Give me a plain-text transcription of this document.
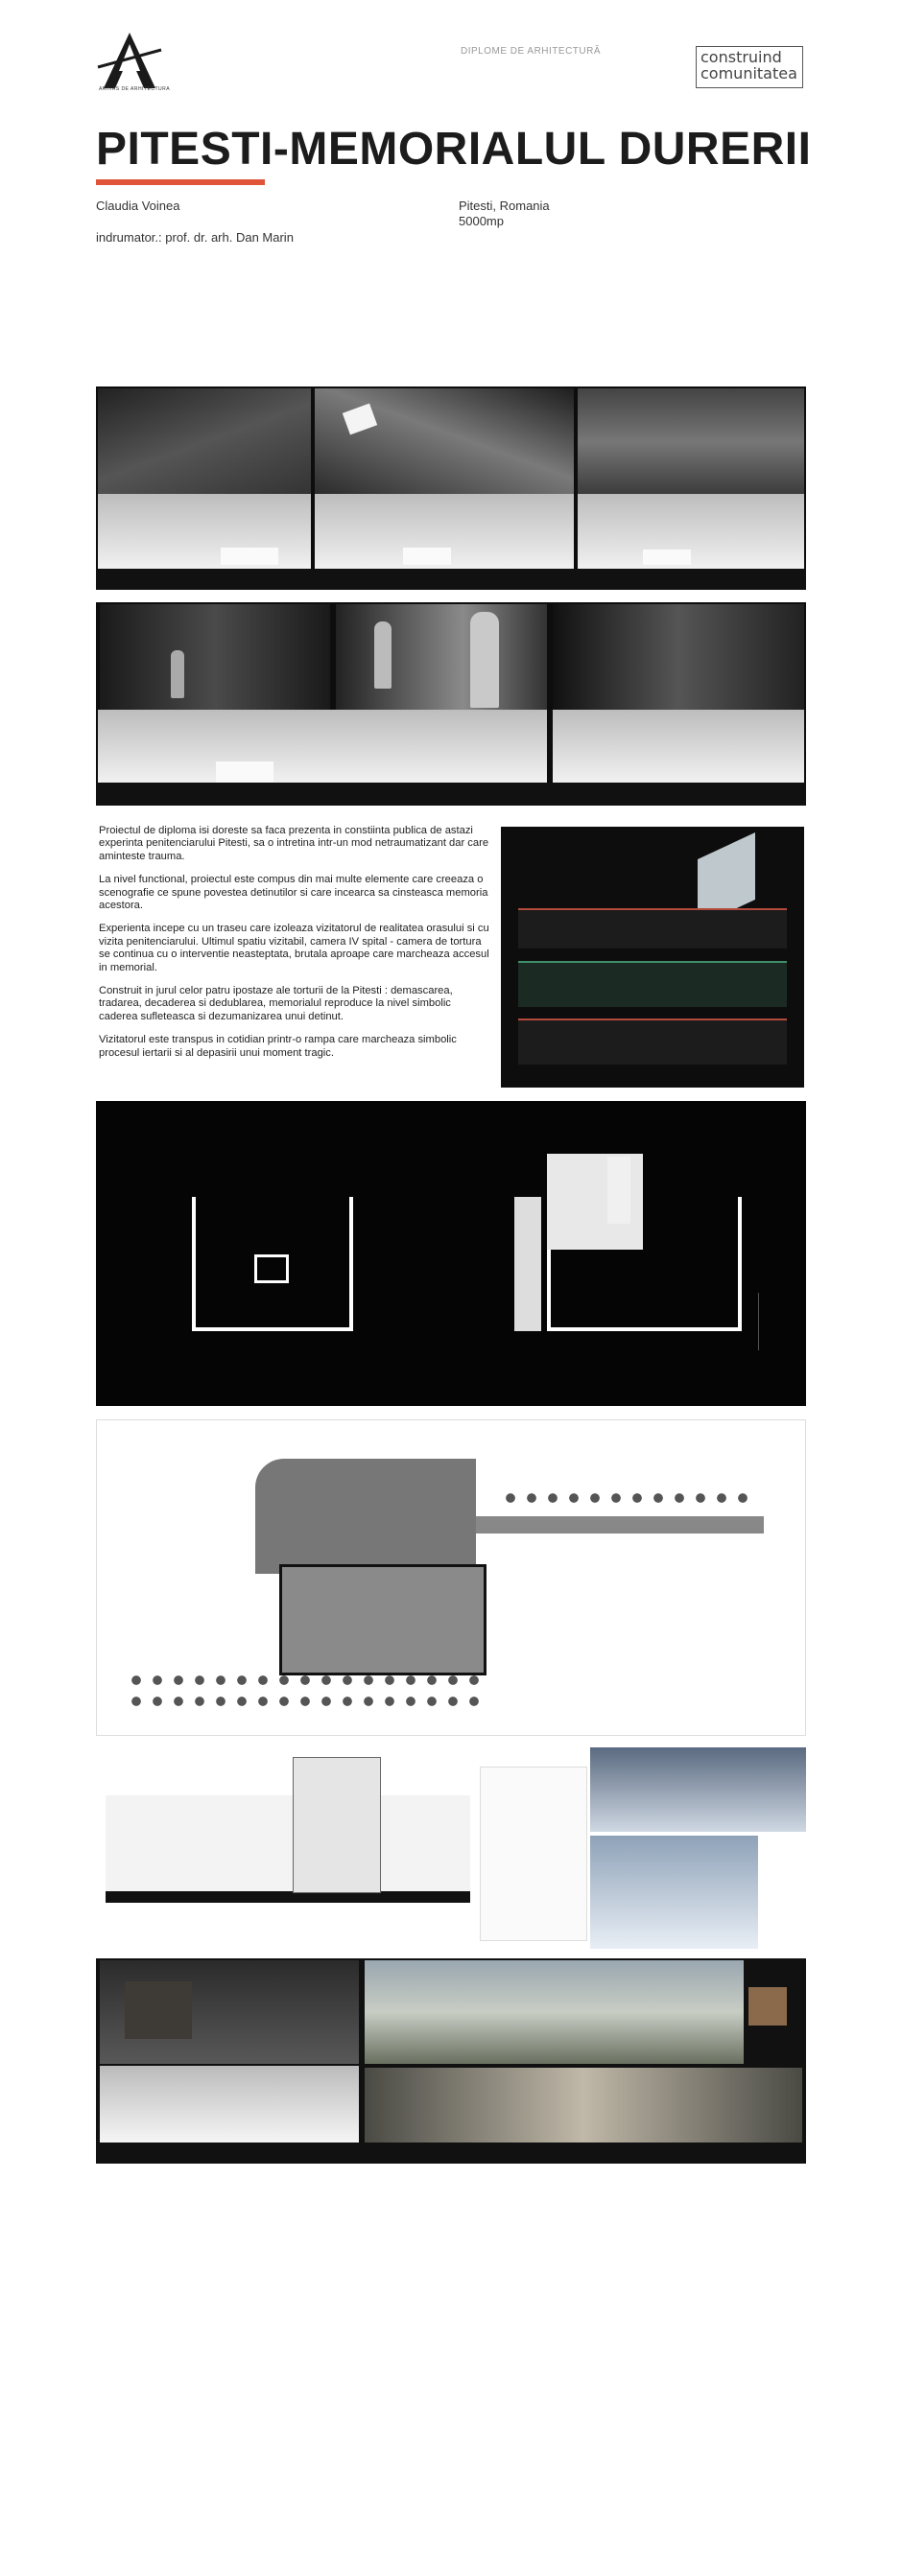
ARHIAS DE ARHITECTURA
DIPLOME DE ARHITECTURĂ	construind
comunitatea
PITESTI-MEMORIALUL DURERII
Claudia Voinea
indrumator.: prof. dr. arh. Dan Marin
Pitesti, Romania
5000mp

Proiectul de diploma isi doreste sa faca prezenta in constiinta publica de astazi experinta penitenciarului Pitesti, sa o intretina intr-un mod netraumatizant dar care aminteste trauma.

La nivel functional, proiectul este compus din mai multe elemente care creeaza o scenografie ce spune povestea detinutilor si care incearca sa cinsteasca memoria acestora.

Experienta incepe cu un traseu care izoleaza vizitatorul de realitatea orasului si cu vizita penitenciarului. Ultimul spatiu vizitabil, camera IV spital - camera de tortura se continua cu o interventie neasteptata, brutala aproape care marcheaza accesul in memorial.

Construit in jurul celor patru ipostaze ale torturii de la Pitesti : demascarea, tradarea, decaderea si dedublarea, memorialul reproduce la nivel simbolic caderea sufleteasca si dezumanizarea unui detinut.

Vizitatorul este transpus in cotidian printr-o rampa care marcheaza simbolic procesul iertarii si al depasirii unui moment tragic.
